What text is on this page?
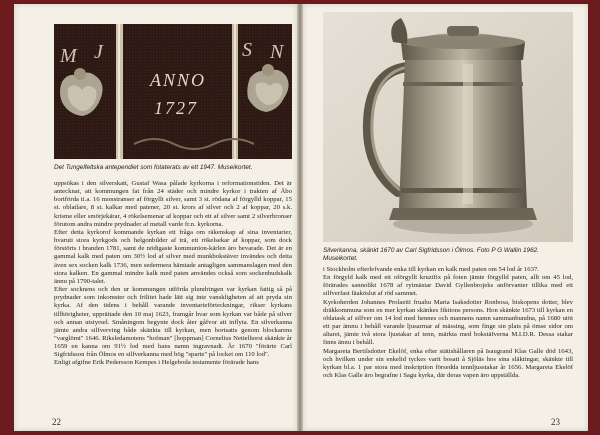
M J	S N
ANNO
1727
Det Tungelfeltska antependiet som fotaterats av ett 1947. Museikortet.

uppsökas i den silverskatt, Gustaf Wasa pålade kyrkorna i reformationstiden. Det är antecknat, att kommungen fat från 24 städer och mindre kyrkor i trakten af Åbo bortförda ti.a. 16 monstranser af förgyllt silver, samt 3 st. rödana af förgylld koppar, 15 st. oblatlare, 8 st. kalkar med patener, 20 st. krors af silver och 2 af koppar, 20 s.k. krisme eller smörjekärar, 4 rökelsemenar af koppar och ett af silver samt 2 silverbronser förutom andra mindre prydnader af metall varde fr.n. kyrkorna.

Efter detta kyrkorof kommande kyrkan ett fråga om räkenskap af sina inventarier, hvaruti stora kyrkgods och helgonbilder af trä, ett rökelsekar af koppar, som dock förstörts i branden 1781, samt de nödigaste kommunion-kärlen äro bevarade. Det är en gammal kalk med paten om 30½ lod af silver med munkbokstäver invändes och detta även sex socken kalk 1736, men sedermera hämtade antagligen sammanslagen med den stora kalken. En gammal mindre kalk med paten användes också som sockenbudskalk ännu på 1790-talet.

Efter socknens och den ur kommungen utförda plundringen var kyrkan fattig så på prydnader som inkomster och frilitet hade lätt sig inte vanskligheten af att pryda sin kyrka. Af den tidens i behåll varande inventarieförteckningar, rikser kyrkans tillhörigheter, upprättade den 10 maj 1623, framgår hvar som kyrkan var både på silver och annan utstyrsel. Småningom begynte dock åter gåfvor att inflyta. En silverkanna jämte andra silfverving både skänkta till kyrkan, men bortsatts genom blockarens "varglömt" 1646. Riksledamotens "hofman" [hoppman] Cornelius Nettelhorst skänkte år 1659 en kanna om 91½ lod med hans namn ingravnadt. År 1670 "förärte Carl Sigfridsson från Ölmos en silfverkanna med bög "sparte" på locket om 110 lod".

Enligt afgifne Erik Pedersson Kempes i Helgeboda testamente förärade hans

22
Silverkanna, skänkt 1670 av Carl Sigfridsson i Ölmos. Foto P G Wallin 1962.
Museikortet.

i Stockholm efterlefvande enka till kyrkan en kalk med paten om 54 lod år 1637.

En förgyld kalk med ett oförgyllt kruzifix på foten jämte förgylld paten, allt om 45 lod, förärades sannolikt 1678 af rytmästar David Gyllenbrojeks anförvanter tillika med ett silfverfast fäaköslut af röd sammet.

Kyrkoherden Johannes Prolaeiti fruahu Maria Isaksdotter Ronbosa, biskopens dotter, blev dräkkommuna som en mer kyrkan skänkes fiktions persons. Hon skänkte 1673 till kyrkan en oblatask af silfver om 14 lod med hennes och mannens namn sammanbundna, på 1680 utöt ett par ämnu i behåll varande ljusarmar af mässing, som finge sin plats på ömse sidor om altaret, jämte två stora ljustakar af tenn, märkta med bokstäfverna M.I.D.R. Dessa stakar finns ännu i behåll.

Margareta Bertilsdotter Ekelöf, enka efter stättshållaren på Isaugrand Klas Galle död 1643, och hvilken under sin enkelid tyckes varit bosatt å Sjöläs hos sina släktingar, skänkte till kyrkan bl.a. 1 par stora med inskription försedda tennljusstakar år 1656. Margareta Ekelöf och Klas Galle äro begrafne i Sagu kyrka, där deras vapen äro uppställda.

23
